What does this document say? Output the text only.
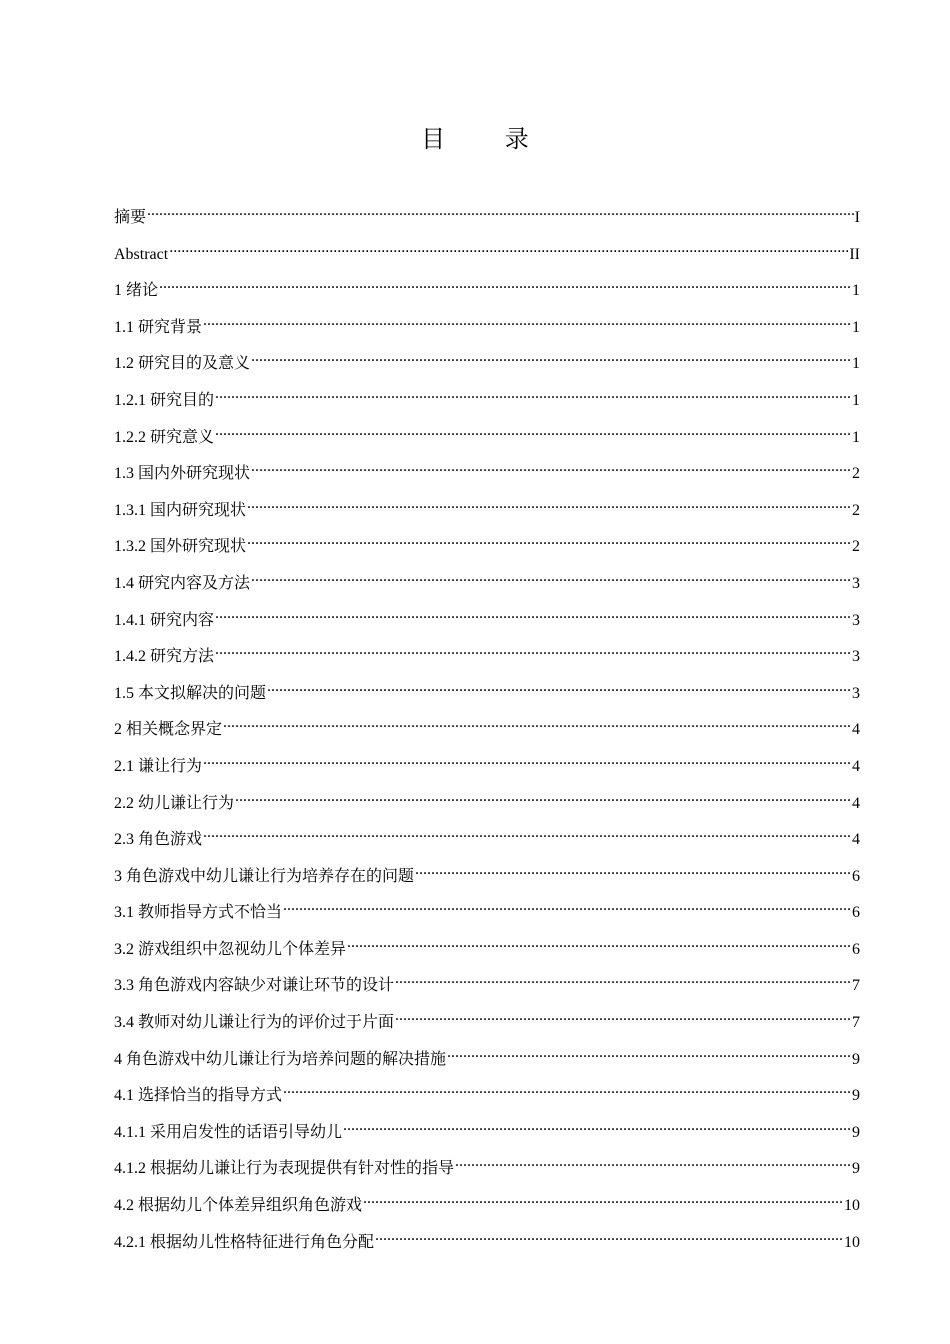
目 录
摘要 .....	I
Abstract .....	II
1 绪论 .....	1
1.1 研究背景 .....	1
1.2 研究目的及意义 .....	1
1.2.1 研究目的 .....	1
1.2.2 研究意义 .....	1
1.3 国内外研究现状 .....	2
1.3.1 国内研究现状 .....	2
1.3.2 国外研究现状 .....	2
1.4 研究内容及方法 .....	3
1.4.1 研究内容 .....	3
1.4.2 研究方法 .....	3
1.5 本文拟解决的问题 .....	3
2 相关概念界定 .....	4
2.1 谦让行为 .....	4
2.2 幼儿谦让行为 .....	4
2.3 角色游戏 .....	4
3 角色游戏中幼儿谦让行为培养存在的问题 .....	6
3.1 教师指导方式不恰当 .....	6
3.2 游戏组织中忽视幼儿个体差异 .....	6
3.3 角色游戏内容缺少对谦让环节的设计 .....	7
3.4 教师对幼儿谦让行为的评价过于片面 .....	7
4 角色游戏中幼儿谦让行为培养问题的解决措施 .....	9
4.1 选择恰当的指导方式 .....	9
4.1.1 采用启发性的话语引导幼儿 .....	9
4.1.2 根据幼儿谦让行为表现提供有针对性的指导 .....	9
4.2 根据幼儿个体差异组织角色游戏 .....	10
4.2.1 根据幼儿性格特征进行角色分配 .....	10
